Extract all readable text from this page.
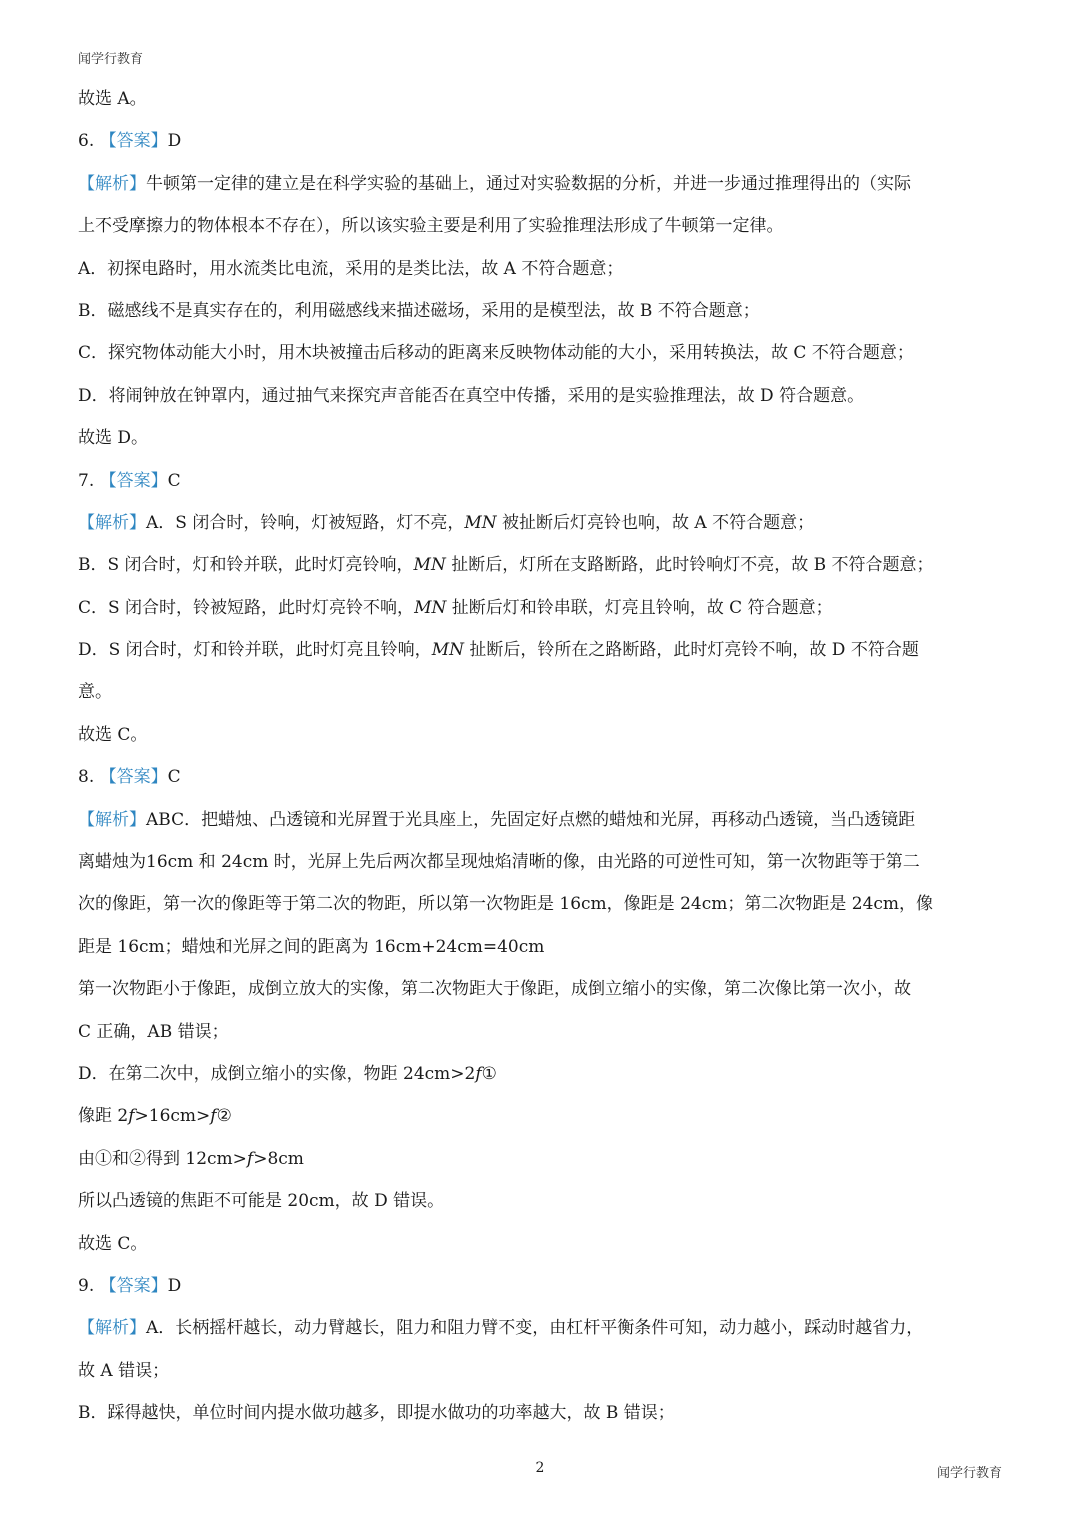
闻学行教育
故选 A。
6. 【答案】D
【解析】牛顿第一定律的建立是在科学实验的基础上，通过对实验数据的分析，并进一步通过推理得出的（实际
上不受摩擦力的物体根本不存在），所以该实验主要是利用了实验推理法形成了牛顿第一定律。
A．初探电路时，用水流类比电流，采用的是类比法，故 A 不符合题意；
B．磁感线不是真实存在的，利用磁感线来描述磁场，采用的是模型法，故 B 不符合题意；
C．探究物体动能大小时，用木块被撞击后移动的距离来反映物体动能的大小，采用转换法，故 C 不符合题意；
D．将闹钟放在钟罩内，通过抽气来探究声音能否在真空中传播，采用的是实验推理法，故 D 符合题意。
故选 D。
7. 【答案】C
【解析】A．S 闭合时，铃响，灯被短路，灯不亮，MN 被扯断后灯亮铃也响，故 A 不符合题意；
B．S 闭合时，灯和铃并联，此时灯亮铃响，MN 扯断后，灯所在支路断路，此时铃响灯不亮，故 B 不符合题意；
C．S 闭合时，铃被短路，此时灯亮铃不响，MN 扯断后灯和铃串联，灯亮且铃响，故 C 符合题意；
D．S 闭合时，灯和铃并联，此时灯亮且铃响，MN 扯断后，铃所在之路断路，此时灯亮铃不响，故 D 不符合题
意。
故选 C。
8. 【答案】C
【解析】ABC．把蜡烛、凸透镜和光屏置于光具座上，先固定好点燃的蜡烛和光屏，再移动凸透镜，当凸透镜距
离蜡烛为16cm 和 24cm 时，光屏上先后两次都呈现烛焰清晰的像，由光路的可逆性可知，第一次物距等于第二
次的像距，第一次的像距等于第二次的物距，所以第一次物距是 16cm，像距是 24cm；第二次物距是 24cm，像
距是 16cm；蜡烛和光屏之间的距离为 16cm+24cm=40cm
第一次物距小于像距，成倒立放大的实像，第二次物距大于像距，成倒立缩小的实像，第二次像比第一次小，故
C 正确，AB 错误；
D．在第二次中，成倒立缩小的实像，物距 24cm>2f①
像距 2f>16cm>f②
由①和②得到 12cm>f>8cm
所以凸透镜的焦距不可能是 20cm，故 D 错误。
故选 C。
9. 【答案】D
【解析】A．长柄摇杆越长，动力臂越长，阻力和阻力臂不变，由杠杆平衡条件可知，动力越小，踩动时越省力，
故 A 错误；
B．踩得越快，单位时间内提水做功越多，即提水做功的功率越大，故 B 错误；
2	闻学行教育
